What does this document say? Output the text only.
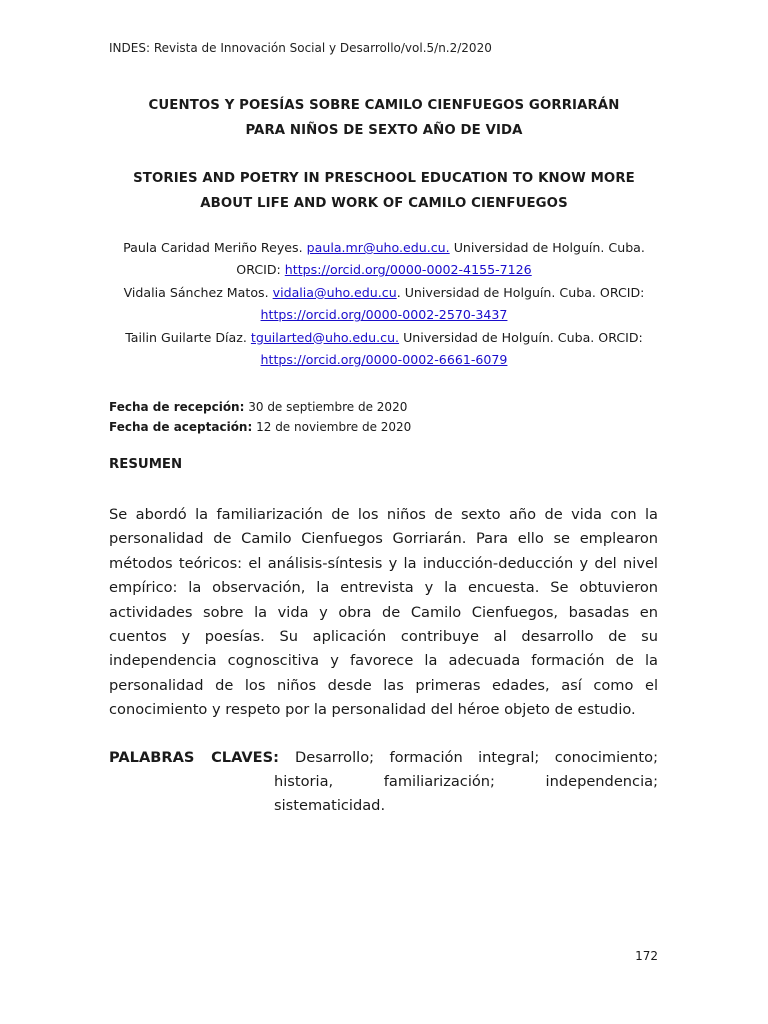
INDES: Revista de Innovación Social y Desarrollo/vol.5/n.2/2020
CUENTOS Y POESÍAS SOBRE CAMILO CIENFUEGOS GORRIARÁN
PARA NIÑOS DE SEXTO AÑO DE VIDA
STORIES AND POETRY IN PRESCHOOL EDUCATION TO KNOW MORE
ABOUT LIFE AND WORK OF CAMILO CIENFUEGOS
Paula Caridad Meriño Reyes. paula.mr@uho.edu.cu. Universidad de Holguín. Cuba.
ORCID: https://orcid.org/0000-0002-4155-7126
Vidalia Sánchez Matos. vidalia@uho.edu.cu. Universidad de Holguín. Cuba. ORCID:
https://orcid.org/0000-0002-2570-3437
Tailin Guilarte Díaz. tguilarted@uho.edu.cu. Universidad de Holguín. Cuba. ORCID:
https://orcid.org/0000-0002-6661-6079
Fecha de recepción: 30 de septiembre de 2020
Fecha de aceptación: 12 de noviembre de 2020
RESUMEN
Se abordó la familiarización de los niños de sexto año de vida con la personalidad de Camilo Cienfuegos Gorriarán. Para ello se emplearon métodos teóricos: el análisis-síntesis y la inducción-deducción y del nivel empírico: la observación, la entrevista y la encuesta. Se obtuvieron actividades sobre la vida y obra de Camilo Cienfuegos, basadas en cuentos y poesías. Su aplicación contribuye al desarrollo de su independencia cognoscitiva y favorece la adecuada formación de la personalidad de los niños desde las primeras edades, así como el conocimiento y respeto por la personalidad del héroe objeto de estudio.
PALABRAS CLAVES:	Desarrollo; formación integral; conocimiento;
historia, familiarización; independencia;
sistematicidad.
172
